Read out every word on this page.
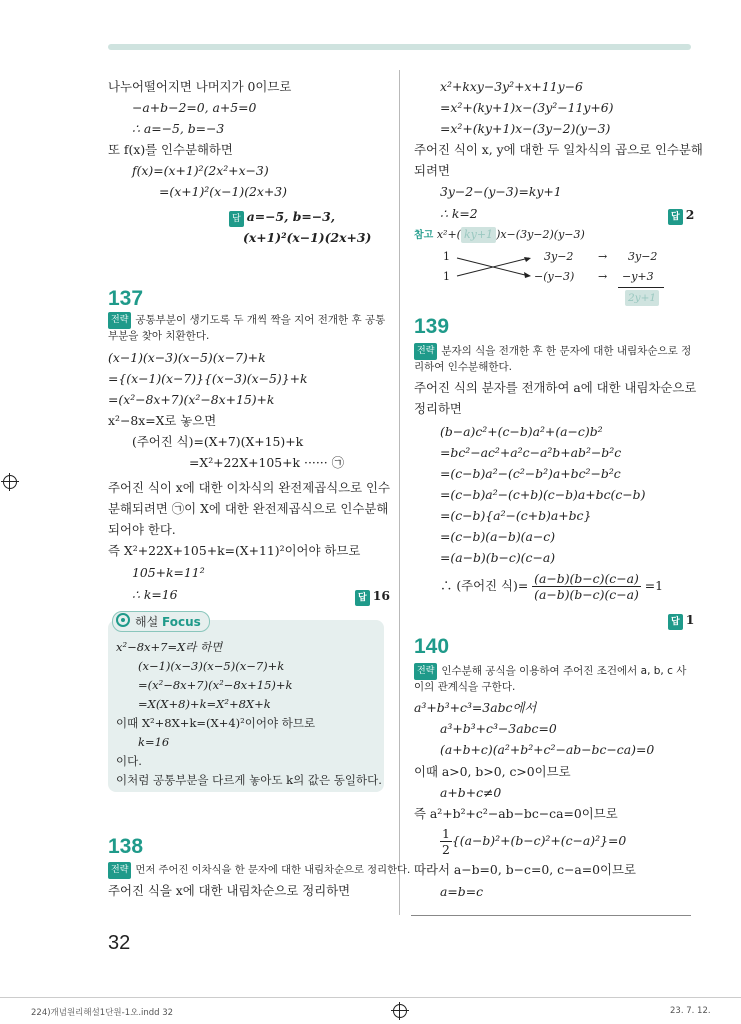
나누어떨어지면 나머지가 0이므로
−a+b−2=0, a+5=0
∴ a=−5, b=−3
또 f(x)를 인수분해하면
f(x)=(x+1)²(2x²+x−3)
=(x+1)²(x−1)(2x+3)
답 a=−5, b=−3,
(x+1)²(x−1)(2x+3)
137
전략 공통부분이 생기도록 두 개씩 짝을 지어 전개한 후 공통부분을 찾아 치환한다.
(x−1)(x−3)(x−5)(x−7)+k
={(x−1)(x−7)}{(x−3)(x−5)}+k
=(x²−8x+7)(x²−8x+15)+k
x²−8x=X로 놓으면
(주어진 식)=(X+7)(X+15)+k
=X²+22X+105+k ······ ㉠
주어진 식이 x에 대한 이차식의 완전제곱식으로 인수
분해되려면 ㉠이 X에 대한 완전제곱식으로 인수분해
되어야 한다.
즉 X²+22X+105+k=(X+11)²이어야 하므로
105+k=11²
∴ k=16	답 16
해설 Focus
x²−8x+7=X라 하면
(x−1)(x−3)(x−5)(x−7)+k
=(x²−8x+7)(x²−8x+15)+k
=X(X+8)+k=X²+8X+k
이때 X²+8X+k=(X+4)²이어야 하므로
k=16
이다.
이처럼 공통부분을 다르게 놓아도 k의 값은 동일하다.
138
전략 먼저 주어진 이차식을 한 문자에 대한 내림차순으로 정리한다.
주어진 식을 x에 대한 내림차순으로 정리하면
x²+kxy−3y²+x+11y−6
=x²+(ky+1)x−(3y²−11y+6)
=x²+(ky+1)x−(3y−2)(y−3)
주어진 식이 x, y에 대한 두 일차식의 곱으로 인수분해
되려면
3y−2−(y−3)=ky+1
∴ k=2	답 2
참고 x²+( ky+1 )x−(3y−2)(y−3)
1	3y−2 → 3y−2
1	−(y−3) → −y+3
2y+1
139
전략 분자의 식을 전개한 후 한 문자에 대한 내림차순으로 정리하여 인수분해한다.
주어진 식의 분자를 전개하여 a에 대한 내림차순으로
정리하면
(b−a)c²+(c−b)a²+(a−c)b²
=bc²−ac²+a²c−a²b+ab²−b²c
=(c−b)a²−(c²−b²)a+bc²−b²c
=(c−b)a²−(c+b)(c−b)a+bc(c−b)
=(c−b){a²−(c+b)a+bc}
=(c−b)(a−b)(a−c)
=(a−b)(b−c)(c−a)
∴ (주어진 식)= $\frac{(a-b)(b-c)(c-a)}{(a-b)(b-c)(c-a)} =1$
답 1
140
전략 인수분해 공식을 이용하여 주어진 조건에서 a, b, c 사이의 관계식을 구한다.
a³+b³+c³=3abc에서
a³+b³+c³−3abc=0
(a+b+c)(a²+b²+c²−ab−bc−ca)=0
이때 a>0, b>0, c>0이므로
a+b+c≠0
즉 a²+b²+c²−ab−bc−ca=0이므로
$\frac{1}{2} \{(a-b)^2+(b-c)^2+(c-a)^2\}=0$
따라서 a−b=0, b−c=0, c−a=0이므로
a=b=c
32
224)개념원리해설1단원-1오.indd 32	23. 7. 12.
